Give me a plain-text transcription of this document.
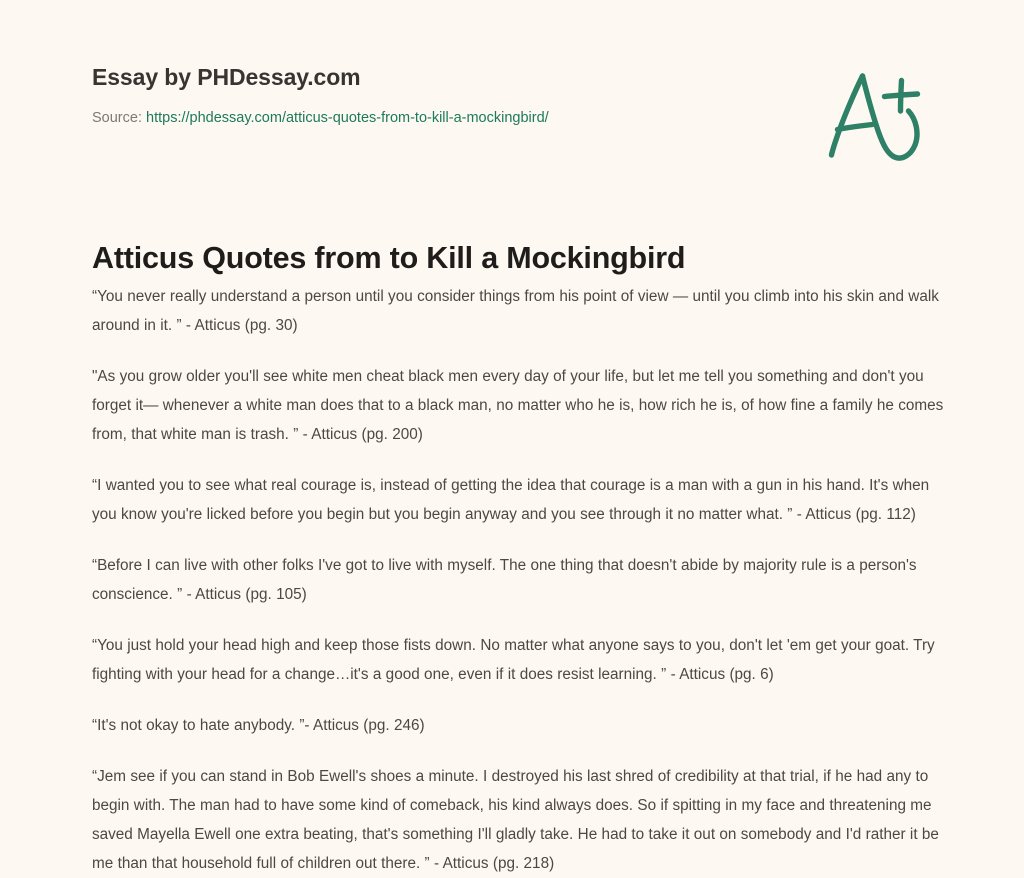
Essay by PHDessay.com
Source: https://phdessay.com/atticus-quotes-from-to-kill-a-mockingbird/
Atticus Quotes from to Kill a Mockingbird

“You never really understand a person until you consider things from his point of view — until you climb into his skin and walk around in it. ” - Atticus (pg. 30)

"As you grow older you'll see white men cheat black men every day of your life, but let me tell you something and don't you forget it— whenever a white man does that to a black man, no matter who he is, how rich he is, of how fine a family he comes from, that white man is trash. ” - Atticus (pg. 200)

“I wanted you to see what real courage is, instead of getting the idea that courage is a man with a gun in his hand. It's when you know you're licked before you begin but you begin anyway and you see through it no matter what. ” - Atticus (pg. 112)

“Before I can live with other folks I've got to live with myself. The one thing that doesn't abide by majority rule is a person's conscience. ” - Atticus (pg. 105)

“You just hold your head high and keep those fists down. No matter what anyone says to you, don't let 'em get your goat. Try fighting with your head for a change…it's a good one, even if it does resist learning. ” - Atticus (pg. 6)

“It's not okay to hate anybody. ”- Atticus (pg. 246)

“Jem see if you can stand in Bob Ewell's shoes a minute. I destroyed his last shred of credibility at that trial, if he had any to begin with. The man had to have some kind of comeback, his kind always does. So if spitting in my face and threatening me saved Mayella Ewell one extra beating, that's something I'll gladly take. He had to take it out on somebody and I'd rather it be me than that household full of children out there. ” - Atticus (pg. 218)
